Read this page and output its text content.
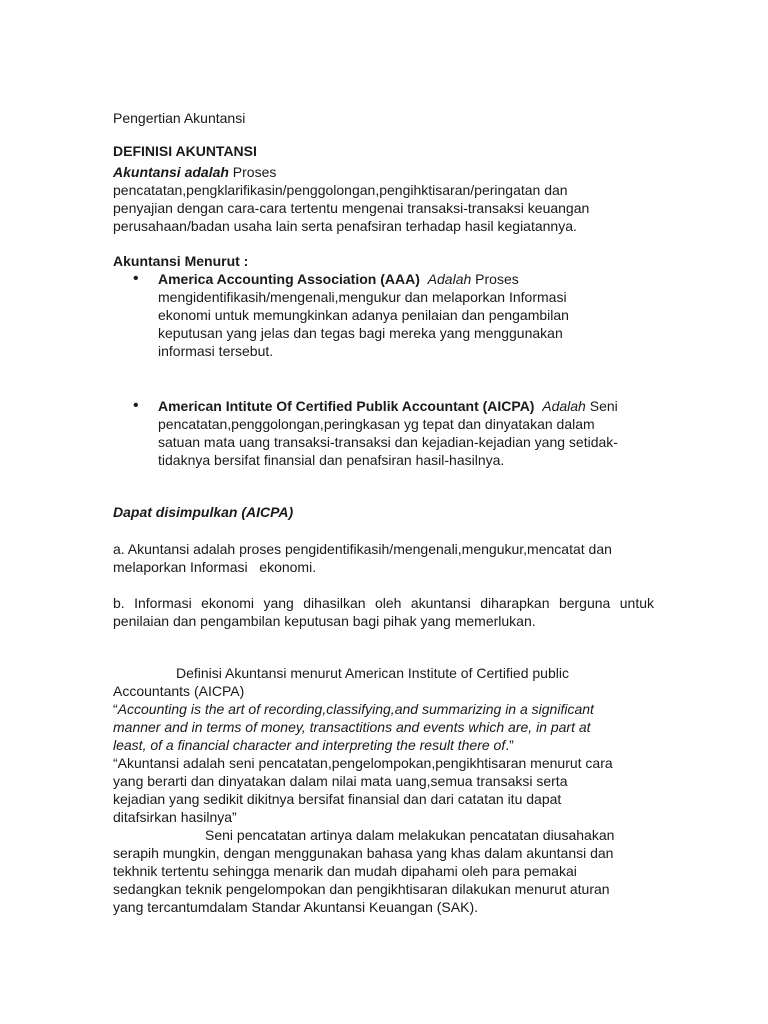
Pengertian Akuntansi
DEFINISI AKUNTANSI
Akuntansi adalah Proses
pencatatan,pengklarifikasin/penggolongan,pengihktisaran/peringatan dan
penyajian dengan cara-cara tertentu mengenai transaksi-transaksi keuangan
perusahaan/badan usaha lain serta penafsiran terhadap hasil kegiatannya.
Akuntansi Menurut :
• America Accounting Association (AAA) Adalah Proses
mengidentifikasih/mengenali,mengukur dan melaporkan Informasi
ekonomi untuk memungkinkan adanya penilaian dan pengambilan
keputusan yang jelas dan tegas bagi mereka yang menggunakan
informasi tersebut.
• American Intitute Of Certified Publik Accountant (AICPA) Adalah Seni
pencatatan,penggolongan,peringkasan yg tepat dan dinyatakan dalam
satuan mata uang transaksi-transaksi dan kejadian-kejadian yang setidak-
tidaknya bersifat finansial dan penafsiran hasil-hasilnya.
Dapat disimpulkan (AICPA)
a. Akuntansi adalah proses pengidentifikasih/mengenali,mengukur,mencatat dan
melaporkan Informasi   ekonomi.
b. Informasi ekonomi yang dihasilkan oleh akuntansi diharapkan berguna untuk
penilaian dan pengambilan keputusan bagi pihak yang memerlukan.
Definisi Akuntansi menurut American Institute of Certified public
Accountants (AICPA)
“Accounting is the art of recording,classifying,and summarizing in a significant
manner and in terms of money, transactitions and events which are, in part at
least, of a financial character and interpreting the result there of.”
“Akuntansi adalah seni pencatatan,pengelompokan,pengikhtisaran menurut cara
yang berarti dan dinyatakan dalam nilai mata uang,semua transaksi serta
kejadian yang sedikit dikitnya bersifat finansial dan dari catatan itu dapat
ditafsirkan hasilnya”
Seni pencatatan artinya dalam melakukan pencatatan diusahakan
serapih mungkin, dengan menggunakan bahasa yang khas dalam akuntansi dan
tekhnik tertentu sehingga menarik dan mudah dipahami oleh para pemakai
sedangkan teknik pengelompokan dan pengikhtisaran dilakukan menurut aturan
yang tercantumdalam Standar Akuntansi Keuangan (SAK).
